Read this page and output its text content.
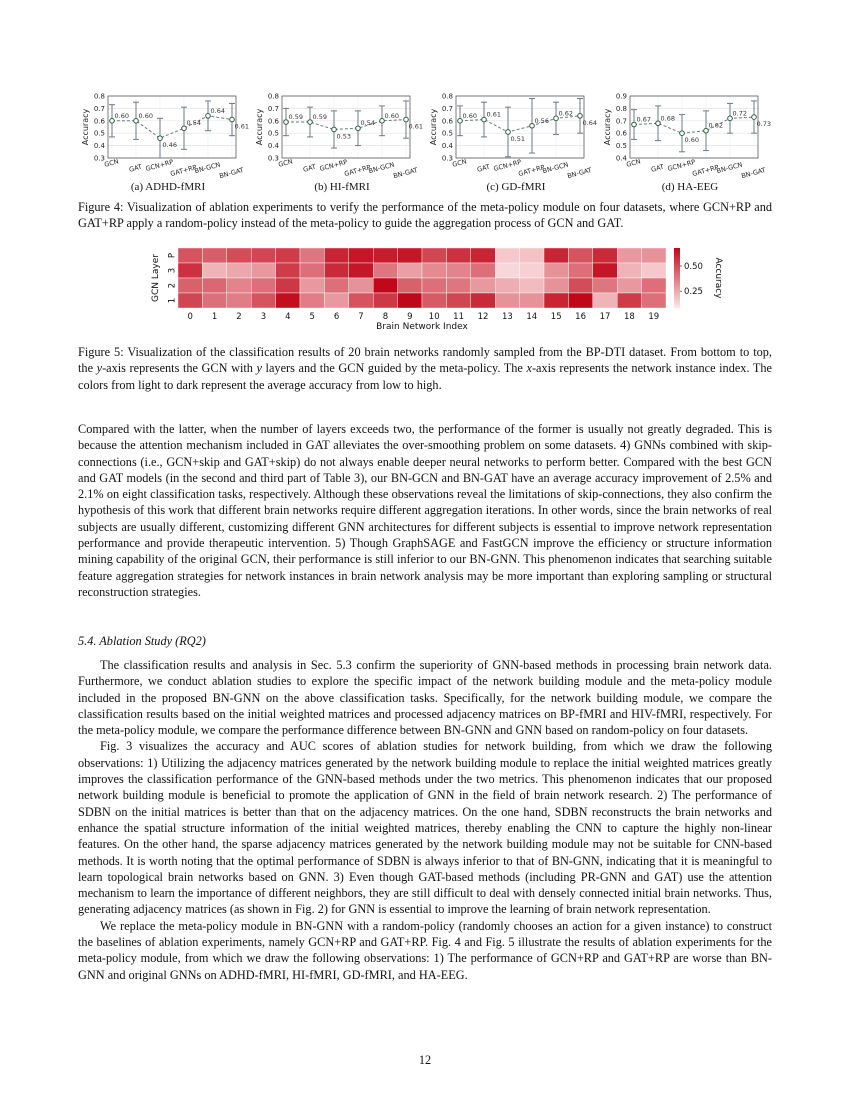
0.3
0.4
0.5
0.6
0.7
0.8
Accuracy	0.60 0.60
0.46
0.54
0.64
0.61
GCN GAT GCN+RP
GAT+RP
BN-GCN
BN-GAT
0.3
0.4
0.5
0.6
0.7
0.8
Accuracy	0.59 0.59
0.53
0.54
0.60
0.61
GCN GAT GCN+RP
GAT+RP
BN-GCN
BN-GAT
0.3
0.4
0.5
0.6
0.7
0.8
Accuracy	0.60 0.61
0.51
0.56
0.62
0.64
GCN GAT GCN+RP
GAT+RP
BN-GCN
BN-GAT
0.4
0.5
0.6
0.7
0.8
0.9
Accuracy	0.67 0.68
0.60
0.62
0.72
0.73
GCN GAT GCN+RP
GAT+RP
BN-GCN
BN-GAT
(a) ADHD-fMRI	(b) HI-fMRI	(c) GD-fMRI	(d) HA-EEG
Figure 4: Visualization of ablation experiments to verify the performance of the meta-policy module on four datasets, where GCN+RP and GAT+RP apply a random-policy instead of the meta-policy to guide the aggregation process of GCN and GAT.
P
3
2
1
GCN Layer
0 1 2 3 4 5 6 7 8 9 10 11 12 13 14 15 16 17 18 19
Brain Network Index
0.50
0.25 Accuracy
Figure 5: Visualization of the classification results of 20 brain networks randomly sampled from the BP-DTI dataset. From bottom to top, the y-axis represents the GCN with y layers and the GCN guided by the meta-policy. The x-axis represents the network instance index. The colors from light to dark represent the average accuracy from low to high.

Compared with the latter, when the number of layers exceeds two, the performance of the former is usually not greatly degraded. This is because the attention mechanism included in GAT alleviates the over-smoothing problem on some datasets. 4) GNNs combined with skip-connections (i.e., GCN+skip and GAT+skip) do not always enable deeper neural networks to perform better. Compared with the best GCN and GAT models (in the second and third part of Table 3), our BN-GCN and BN-GAT have an average accuracy improvement of 2.5% and 2.1% on eight classification tasks, respectively. Although these observations reveal the limitations of skip-connections, they also confirm the hypothesis of this work that different brain networks require different aggregation iterations. In other words, since the brain networks of real subjects are usually different, customizing different GNN architectures for different subjects is essential to improve network representation performance and provide therapeutic intervention. 5) Though GraphSAGE and FastGCN improve the efficiency or structure information mining capability of the original GCN, their performance is still inferior to our BN-GNN. This phenomenon indicates that searching suitable feature aggregation strategies for network instances in brain network analysis may be more important than exploring sampling or structural reconstruction strategies.

5.4. Ablation Study (RQ2)

The classification results and analysis in Sec. 5.3 confirm the superiority of GNN-based methods in processing brain network data. Furthermore, we conduct ablation studies to explore the specific impact of the network building module and the meta-policy module included in the proposed BN-GNN on the above classification tasks. Specifically, for the network building module, we compare the classification results based on the initial weighted matrices and processed adjacency matrices on BP-fMRI and HIV-fMRI, respectively. For the meta-policy module, we compare the performance difference between BN-GNN and GNN based on random-policy on four datasets.

Fig. 3 visualizes the accuracy and AUC scores of ablation studies for network building, from which we draw the following observations: 1) Utilizing the adjacency matrices generated by the network building module to replace the initial weighted matrices greatly improves the classification performance of the GNN-based methods under the two metrics. This phenomenon indicates that our proposed network building module is beneficial to promote the application of GNN in the field of brain network research. 2) The performance of SDBN on the initial matrices is better than that on the adjacency matrices. On the one hand, SDBN reconstructs the brain networks and enhance the spatial structure information of the initial weighted matrices, thereby enabling the CNN to capture the highly non-linear features. On the other hand, the sparse adjacency matrices generated by the network building module may not be suitable for CNN-based methods. It is worth noting that the optimal performance of SDBN is always inferior to that of BN-GNN, indicating that it is meaningful to learn topological brain networks based on GNN. 3) Even though GAT-based methods (including PR-GNN and GAT) use the attention mechanism to learn the importance of different neighbors, they are still difficult to deal with densely connected initial brain networks. Thus, generating adjacency matrices (as shown in Fig. 2) for GNN is essential to improve the learning of brain network representation.

We replace the meta-policy module in BN-GNN with a random-policy (randomly chooses an action for a given instance) to construct the baselines of ablation experiments, namely GCN+RP and GAT+RP. Fig. 4 and Fig. 5 illustrate the results of ablation experiments for the meta-policy module, from which we draw the following observations: 1) The performance of GCN+RP and GAT+RP are worse than BN-GNN and original GNNs on ADHD-fMRI, HI-fMRI, GD-fMRI, and HA-EEG.

12
